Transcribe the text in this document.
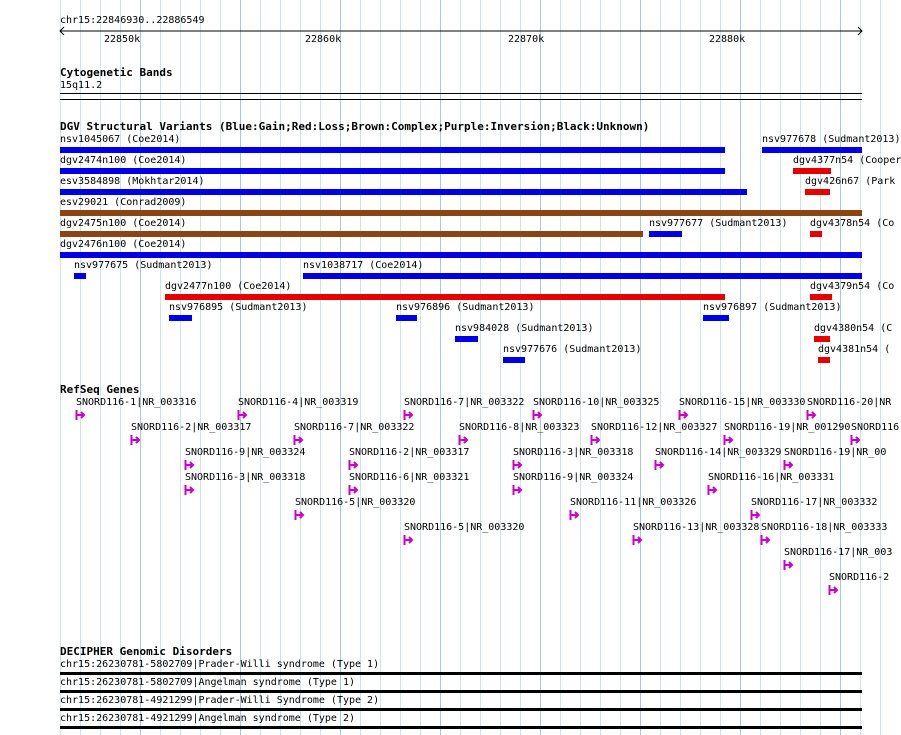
chr15:22846930..22886549
22850k	22860k	22870k	22880k
Cytogenetic Bands
15q11.2
DGV Structural Variants (Blue:Gain;Red:Loss;Brown:Complex;Purple:Inversion;Black:Unknown)
nsv1045067 (Coe2014)	nsv977678 (Sudmant2013)
dgv2474n100 (Coe2014)	dgv4377n54 (Cooper
esv3584898 (Mokhtar2014)	dgv426n67 (Park
esv29021 (Conrad2009)
dgv2475n100 (Coe2014)	nsv977677 (Sudmant2013) dgv4378n54 (Co
dgv2476n100 (Coe2014)
nsv977675 (Sudmant2013)	nsv1038717 (Coe2014)
dgv2477n100 (Coe2014)	dgv4379n54 (Co
nsv976895 (Sudmant2013)	nsv976896 (Sudmant2013)	nsv976897 (Sudmant2013)
nsv984028 (Sudmant2013)	dgv4380n54 (C
nsv977676 (Sudmant2013)	dgv4381n54 (
RefSeq Genes
SNORD116-1|NR_003316	SNORD116-4|NR_003319	SNORD116-7|NR_003322 SNORD116-10|NR_003325 SNORD116-15|NR_003330 SNORD116-20|NR
SNORD116-2|NR_003317	SNORD116-7|NR_003322	SNORD116-8|NR_003323 SNORD116-12|NR_003327 SNORD116-19|NR_001290 SNORD116
SNORD116-9|NR_003324	SNORD116-2|NR_003317	SNORD116-3|NR_003318 SNORD116-14|NR_003329 SNORD116-19|NR_00
SNORD116-3|NR_003318	SNORD116-6|NR_003321	SNORD116-9|NR_003324	SNORD116-16|NR_003331
SNORD116-5|NR_003320	SNORD116-11|NR_003326	SNORD116-17|NR_003332
SNORD116-5|NR_003320	SNORD116-13|NR_003328 SNORD116-18|NR_003333
SNORD116-17|NR_003
SNORD116-2
DECIPHER Genomic Disorders
chr15:26230781-5802709|Prader-Willi syndrome (Type 1)
chr15:26230781-5802709|Angelman syndrome (Type 1)
chr15:26230781-4921299|Prader-Willi Syndrome (Type 2)
chr15:26230781-4921299|Angelman syndrome (Type 2)
